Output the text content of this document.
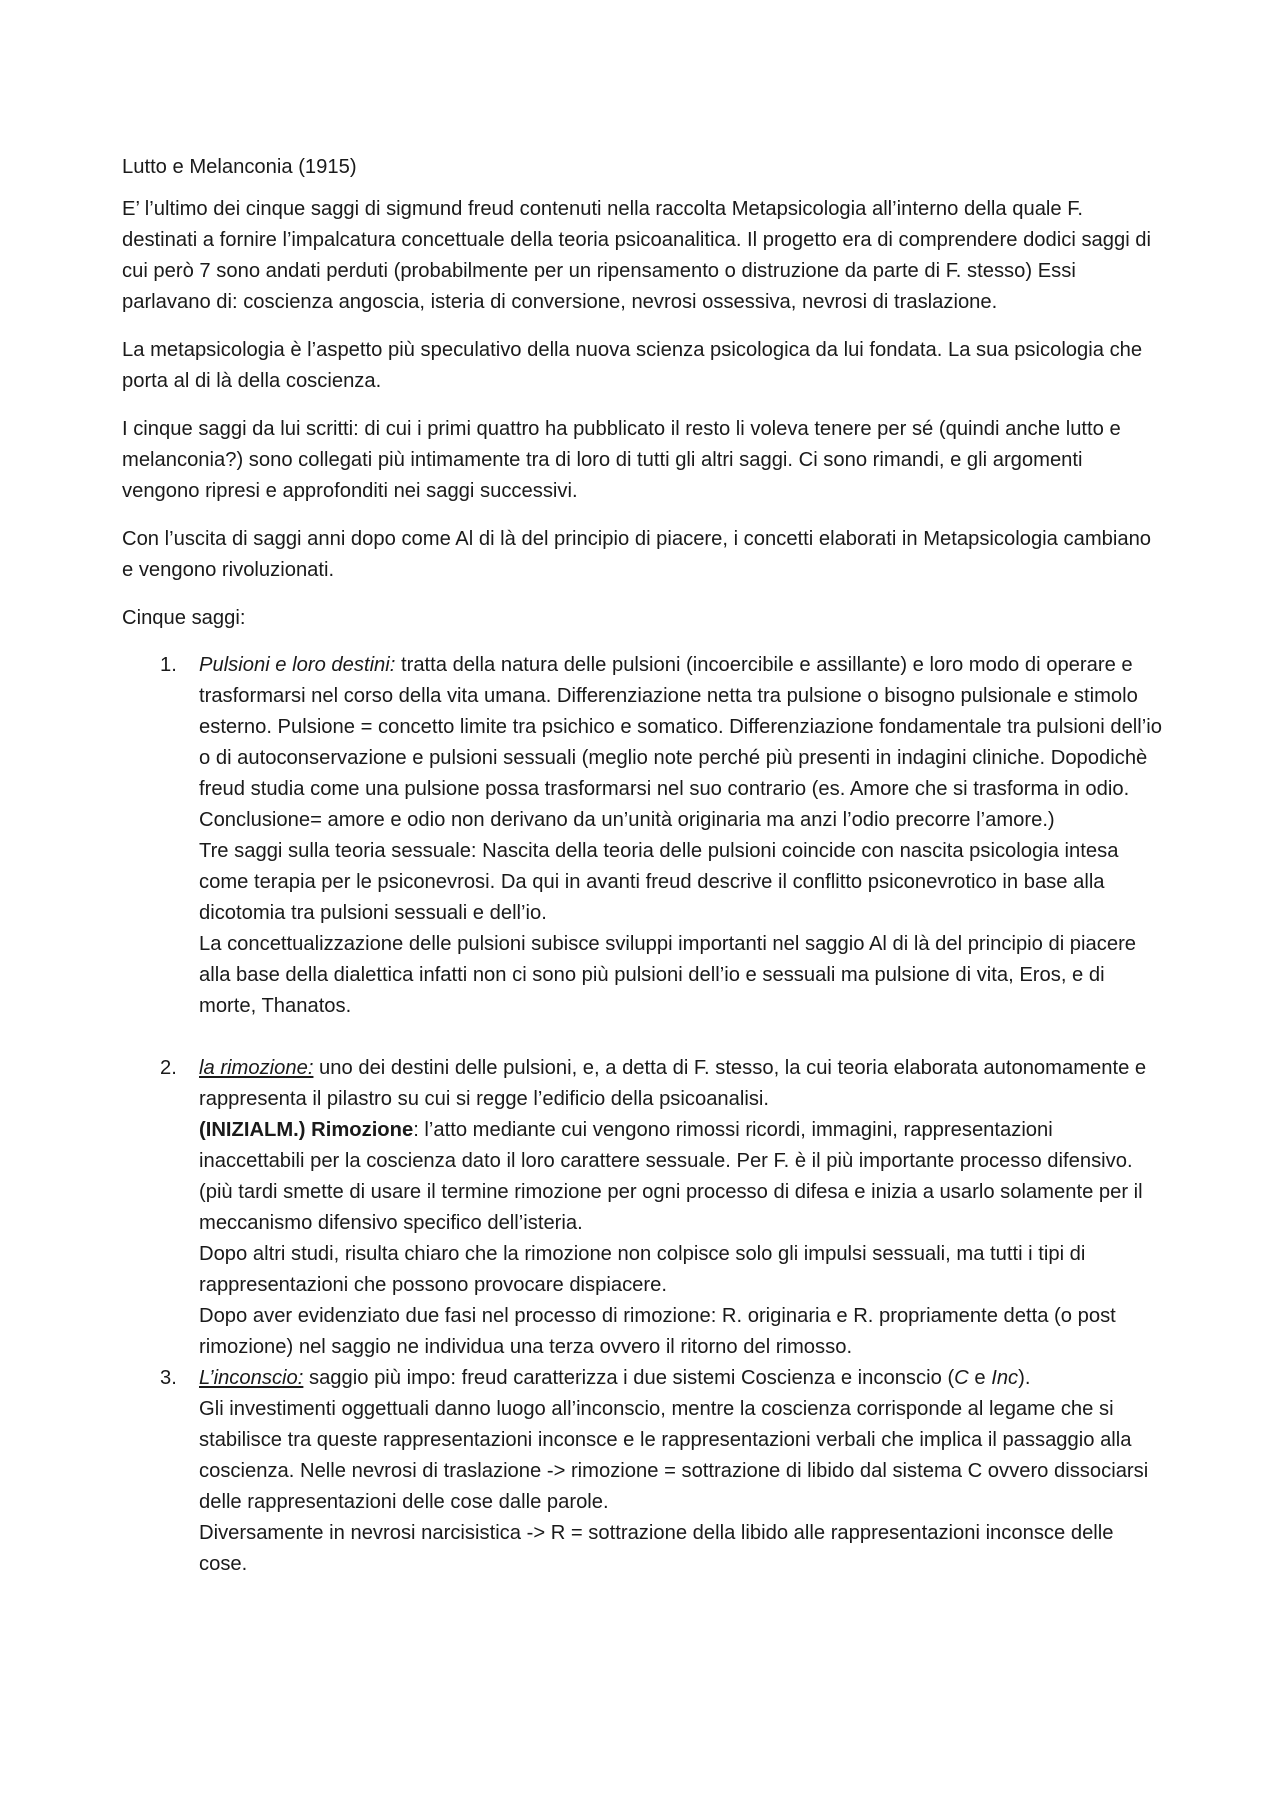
Lutto e Melanconia (1915)

E’ l’ultimo dei cinque saggi di sigmund freud contenuti nella raccolta Metapsicologia all’interno della quale F. destinati a fornire l’impalcatura concettuale della teoria psicoanalitica. Il progetto era di comprendere dodici saggi di cui però 7 sono andati perduti (probabilmente per un ripensamento o distruzione da parte di F. stesso) Essi parlavano di: coscienza angoscia, isteria di conversione, nevrosi ossessiva, nevrosi di traslazione.

La metapsicologia è l’aspetto più speculativo della nuova scienza psicologica da lui fondata. La sua psicologia che porta al di là della coscienza.

I cinque saggi da lui scritti: di cui i primi quattro ha pubblicato il resto li voleva tenere per sé (quindi anche lutto e melanconia?) sono collegati più intimamente tra di loro di tutti gli altri saggi. Ci sono rimandi, e gli argomenti vengono ripresi e approfonditi nei saggi successivi.

Con l’uscita di saggi anni dopo come Al di là del principio di piacere, i concetti elaborati in Metapsicologia cambiano e vengono rivoluzionati.

Cinque saggi:
1. Pulsioni e loro destini: tratta della natura delle pulsioni (incoercibile e assillante) e loro modo di operare e trasformarsi nel corso della vita umana. Differenziazione netta tra pulsione o bisogno pulsionale e stimolo esterno. Pulsione = concetto limite tra psichico e somatico. Differenziazione fondamentale tra pulsioni dell’io o di autoconservazione e pulsioni sessuali (meglio note perché più presenti in indagini cliniche. Dopodichè freud studia come una pulsione possa trasformarsi nel suo contrario (es. Amore che si trasforma in odio. Conclusione= amore e odio non derivano da un’unità originaria ma anzi l’odio precorre l’amore.)
Tre saggi sulla teoria sessuale: Nascita della teoria delle pulsioni coincide con nascita psicologia intesa come terapia per le psiconevrosi. Da qui in avanti freud descrive il conflitto psiconevrotico in base alla dicotomia tra pulsioni sessuali e dell’io.
La concettualizzazione delle pulsioni subisce sviluppi importanti nel saggio Al di là del principio di piacere alla base della dialettica infatti non ci sono più pulsioni dell’io e sessuali ma pulsione di vita, Eros, e di morte, Thanatos.
2. la rimozione: uno dei destini delle pulsioni, e, a detta di F. stesso, la cui teoria elaborata autonomamente e rappresenta il pilastro su cui si regge l’edificio della psicoanalisi.
(INIZIALM.) Rimozione: l’atto mediante cui vengono rimossi ricordi, immagini, rappresentazioni inaccettabili per la coscienza dato il loro carattere sessuale. Per F. è il più importante processo difensivo. (più tardi smette di usare il termine rimozione per ogni processo di difesa e inizia a usarlo solamente per il meccanismo difensivo specifico dell’isteria.
Dopo altri studi, risulta chiaro che la rimozione non colpisce solo gli impulsi sessuali, ma tutti i tipi di rappresentazioni che possono provocare dispiacere.
Dopo aver evidenziato due fasi nel processo di rimozione: R. originaria e R. propriamente detta (o post rimozione) nel saggio ne individua una terza ovvero il ritorno del rimosso.
3. L’inconscio: saggio più impo: freud caratterizza i due sistemi Coscienza e inconscio (C e Inc).
Gli investimenti oggettuali danno luogo all’inconscio, mentre la coscienza corrisponde al legame che si stabilisce tra queste rappresentazioni inconsce e le rappresentazioni verbali che implica il passaggio alla coscienza. Nelle nevrosi di traslazione -> rimozione = sottrazione di libido dal sistema C ovvero dissociarsi delle rappresentazioni delle cose dalle parole.
Diversamente in nevrosi narcisistica -> R = sottrazione della libido alle rappresentazioni inconsce delle cose.
